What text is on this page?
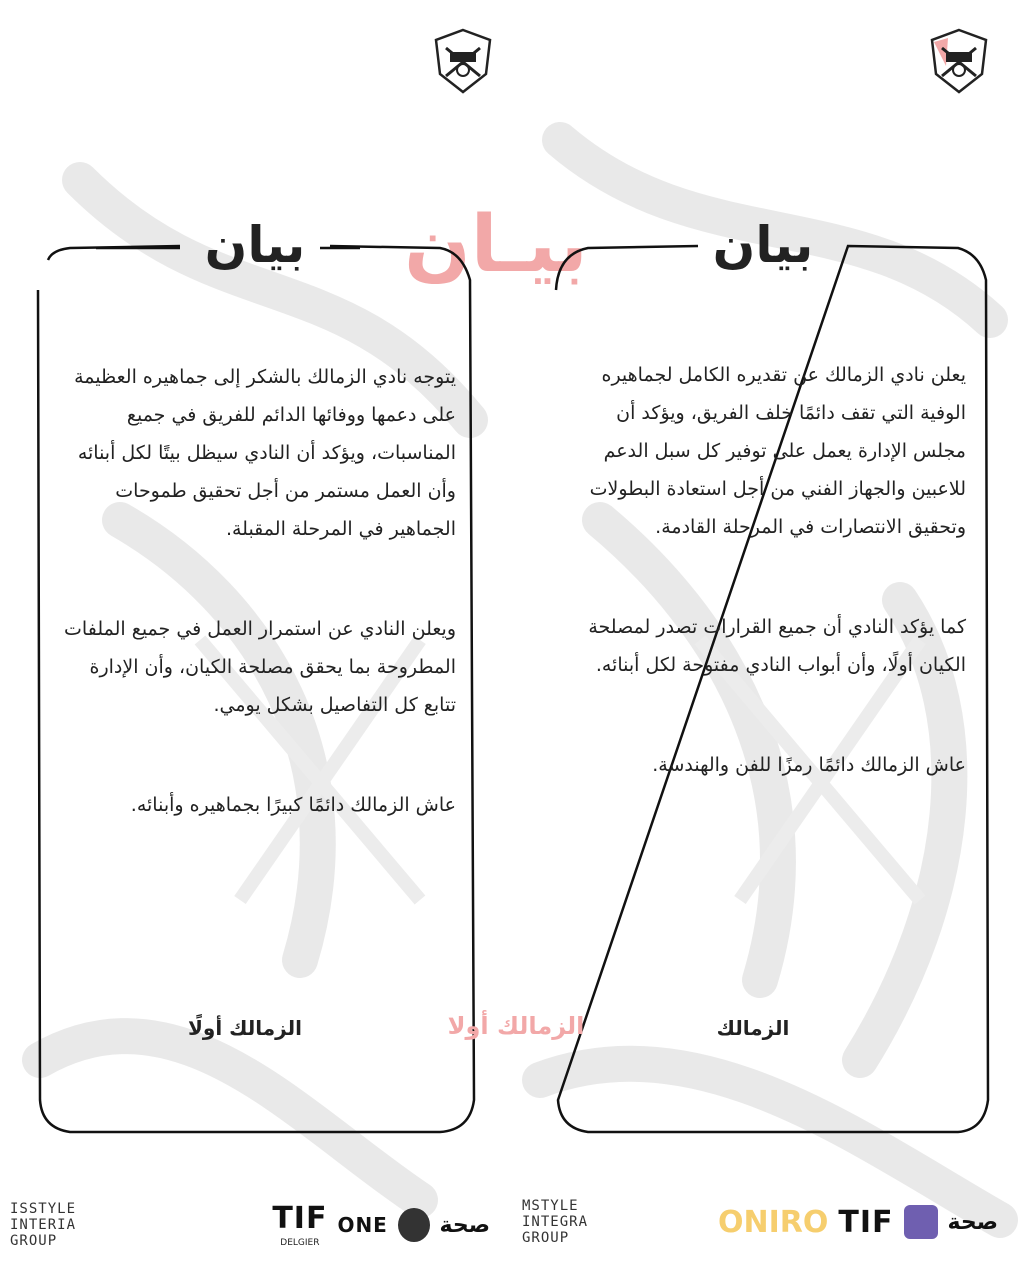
بيـان
بيان

يتوجه نادي الزمالك بالشكر إلى جماهيره العظيمة على دعمها ووفائها الدائم للفريق في جميع المناسبات، ويؤكد أن النادي سيظل بيتًا لكل أبنائه وأن العمل مستمر من أجل تحقيق طموحات الجماهير في المرحلة المقبلة.

ويعلن النادي عن استمرار العمل في جميع الملفات المطروحة بما يحقق مصلحة الكيان، وأن الإدارة تتابع كل التفاصيل بشكل يومي.

عاش الزمالك دائمًا كبيرًا بجماهيره وأبنائه.

الزمالك أولًا
بيان

يعلن نادي الزمالك عن تقديره الكامل لجماهيره الوفية التي تقف دائمًا خلف الفريق، ويؤكد أن مجلس الإدارة يعمل على توفير كل سبل الدعم للاعبين والجهاز الفني من أجل استعادة البطولات وتحقيق الانتصارات في المرحلة القادمة.

كما يؤكد النادي أن جميع القرارات تصدر لمصلحة الكيان أولًا، وأن أبواب النادي مفتوحة لكل أبنائه.

عاش الزمالك دائمًا رمزًا للفن والهندسة.

الزمالك
الزمالك أولا
ISSTYLE
INTERIA
GROUP
TIF
DELGIER
ONE صحة
MSTYLE
INTEGRA
GROUP	ONIRO TIF صحة
